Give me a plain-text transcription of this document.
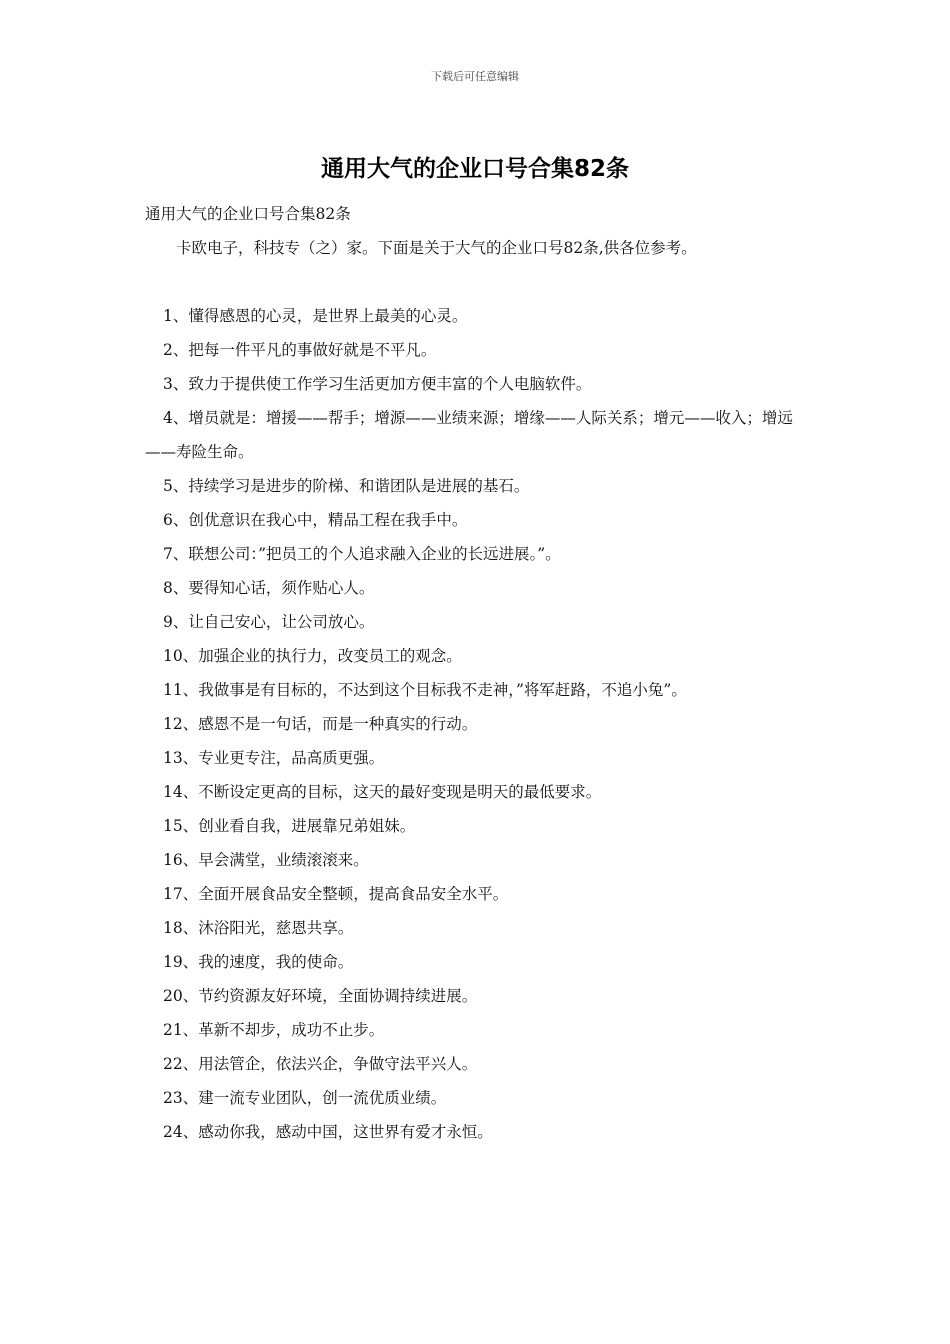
下载后可任意编辑
通用大气的企业口号合集82条

通用大气的企业口号合集82条

卡欧电子，科技专（之）家。下面是关于大气的企业口号82条,供各位参考。

1、懂得感恩的心灵，是世界上最美的心灵。
2、把每一件平凡的事做好就是不平凡。
3、致力于提供使工作学习生活更加方便丰富的个人电脑软件。
4、增员就是：增援——帮手；增源——业绩来源；增缘——人际关系；增元——收入；增远——寿险生命。
5、持续学习是进步的阶梯、和谐团队是进展的基石。
6、创优意识在我心中，精品工程在我手中。
7、联想公司：”把员工的个人追求融入企业的长远进展。”。
8、要得知心话，须作贴心人。
9、让自己安心，让公司放心。
10、加强企业的执行力，改变员工的观念。
11、我做事是有目标的，不达到这个目标我不走神，”将军赶路，不追小兔”。
12、感恩不是一句话，而是一种真实的行动。
13、专业更专注，品高质更强。
14、不断设定更高的目标，这天的最好变现是明天的最低要求。
15、创业看自我，进展靠兄弟姐妹。
16、早会满堂，业绩滚滚来。
17、全面开展食品安全整顿，提高食品安全水平。
18、沐浴阳光，慈恩共享。
19、我的速度，我的使命。
20、节约资源友好环境，全面协调持续进展。
21、革新不却步，成功不止步。
22、用法管企，依法兴企，争做守法平兴人。
23、建一流专业团队，创一流优质业绩。
24、感动你我，感动中国，这世界有爱才永恒。
